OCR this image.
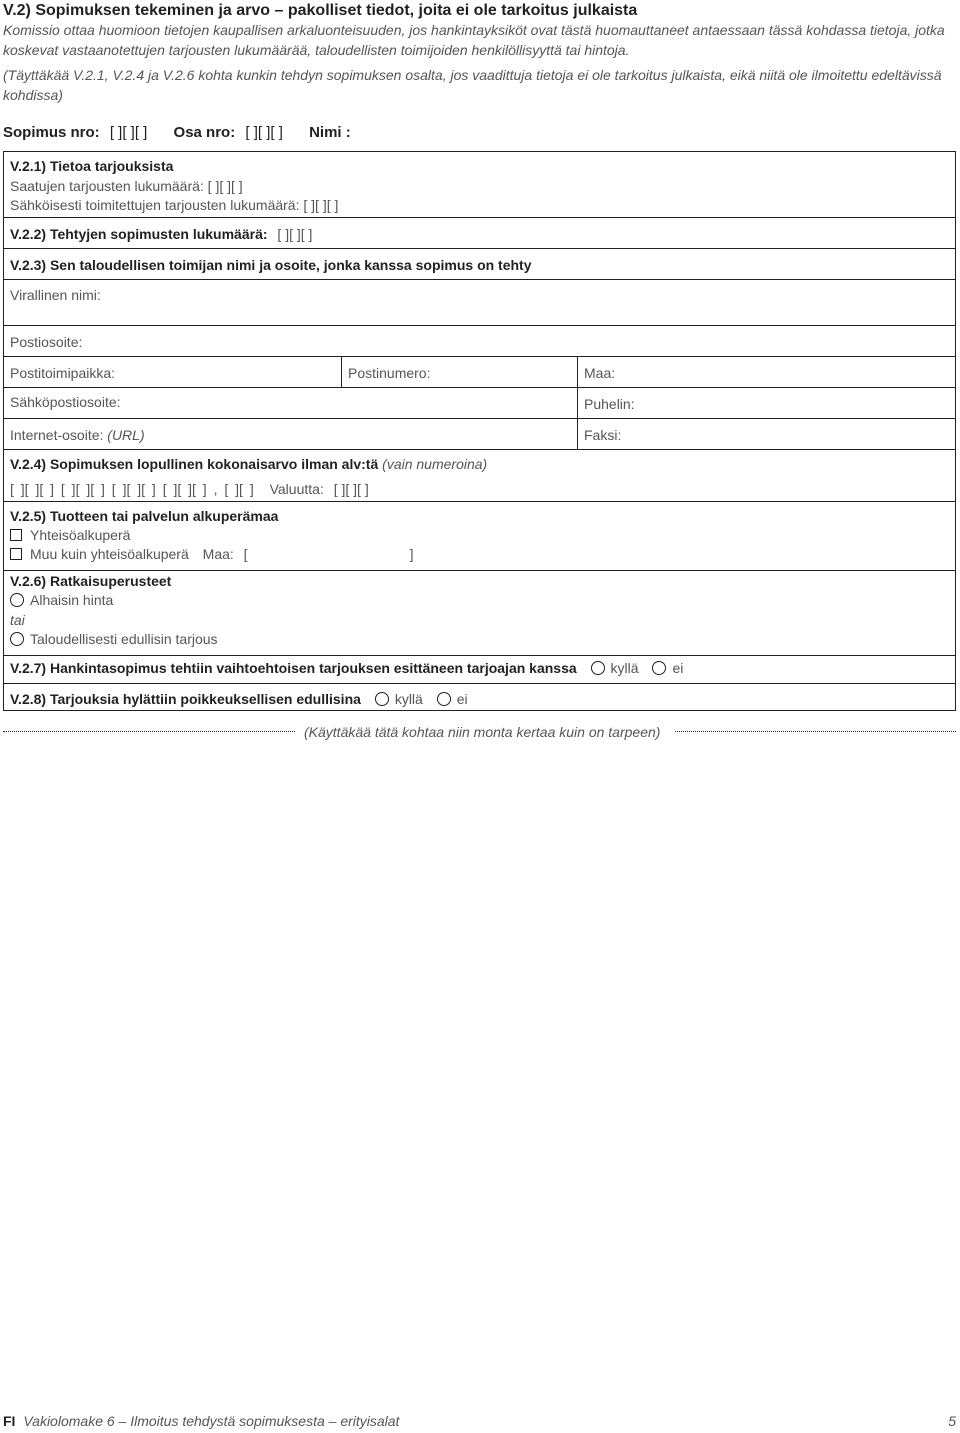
V.2) Sopimuksen tekeminen ja arvo – pakolliset tiedot, joita ei ole tarkoitus julkaista
Komissio ottaa huomioon tietojen kaupallisen arkaluonteisuuden, jos hankintayksiköt ovat tästä huomauttaneet antaessaan tässä kohdassa tietoja, jotka
koskevat vastaanotettujen tarjousten lukumäärää, taloudellisten toimijoiden henkilöllisyyttä tai hintoja.
(Täyttäkää V.2.1, V.2.4 ja V.2.6 kohta kunkin tehdyn sopimuksen osalta, jos vaadittuja tietoja ei ole tarkoitus julkaista, eikä niitä ole ilmoitettu edeltävissä
kohdissa)
Sopimus nro: [ ][ ][ ] Osa nro: [ ][ ][ ] Nimi :
V.2.1) Tietoa tarjouksista
Saatujen tarjousten lukumäärä: [ ][ ][ ]
Sähköisesti toimitettujen tarjousten lukumäärä: [ ][ ][ ]
V.2.2) Tehtyjen sopimusten lukumäärä: [ ][ ][ ]
V.2.3) Sen taloudellisen toimijan nimi ja osoite, jonka kanssa sopimus on tehty
Virallinen nimi:
Postiosoite:
Postitoimipaikka:	Postinumero:	Maa:
Sähköpostiosoite:	Puhelin:
Internet-osoite: (URL)	Faksi:
V.2.4) Sopimuksen lopullinen kokonaisarvo ilman alv:tä (vain numeroina)
[ ][ ][ ] [ ][ ][ ] [ ][ ][ ] [ ][ ][ ] , [ ][ ] Valuutta: [ ][ ][ ]
V.2.5) Tuotteen tai palvelun alkuperämaa
Yhteisöalkuperä
Muu kuin yhteisöalkuperä Maa: [	]
V.2.6) Ratkaisuperusteet
Alhaisin hinta
tai
Taloudellisesti edullisin tarjous
V.2.7) Hankintasopimus tehtiin vaihtoehtoisen tarjouksen esittäneen tarjoajan kanssa kyllä ei
V.2.8) Tarjouksia hylättiin poikkeuksellisen edullisina kyllä ei
(Käyttäkää tätä kohtaa niin monta kertaa kuin on tarpeen)
FI Vakiolomake 6 – Ilmoitus tehdystä sopimuksesta – erityisalat	5
